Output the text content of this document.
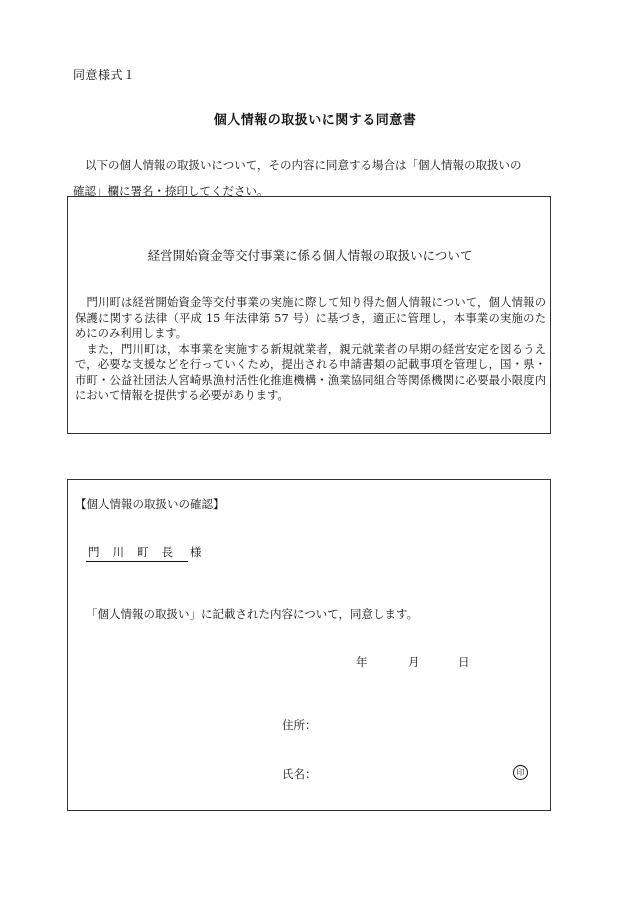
同意様式１
個人情報の取扱いに関する同意書
以下の個人情報の取扱いについて，その内容に同意する場合は「個人情報の取扱いの
確認」欄に署名・捺印してください。
経営開始資金等交付事業に係る個人情報の取扱いについて
　門川町は経営開始資金等交付事業の実施に際して知り得た個人情報について，個人情報の保護に関する法律（平成 15 年法律第 57 号）に基づき，適正に管理し，本事業の実施のためにのみ利用します。
　また，門川町は，本事業を実施する新規就業者，親元就業者の早期の経営安定を図るうえで，必要な支援などを行っていくため，提出される申請書類の記載事項を管理し，国・県・市町・公益社団法人宮崎県漁村活性化推進機構・漁業協同組合等関係機関に必要最小限度内において情報を提供する必要があります。
【個人情報の取扱いの確認】
門川町長 様
「個人情報の取扱い」に記載された内容について，同意します。
年	月	日
住所：
氏名：	印
